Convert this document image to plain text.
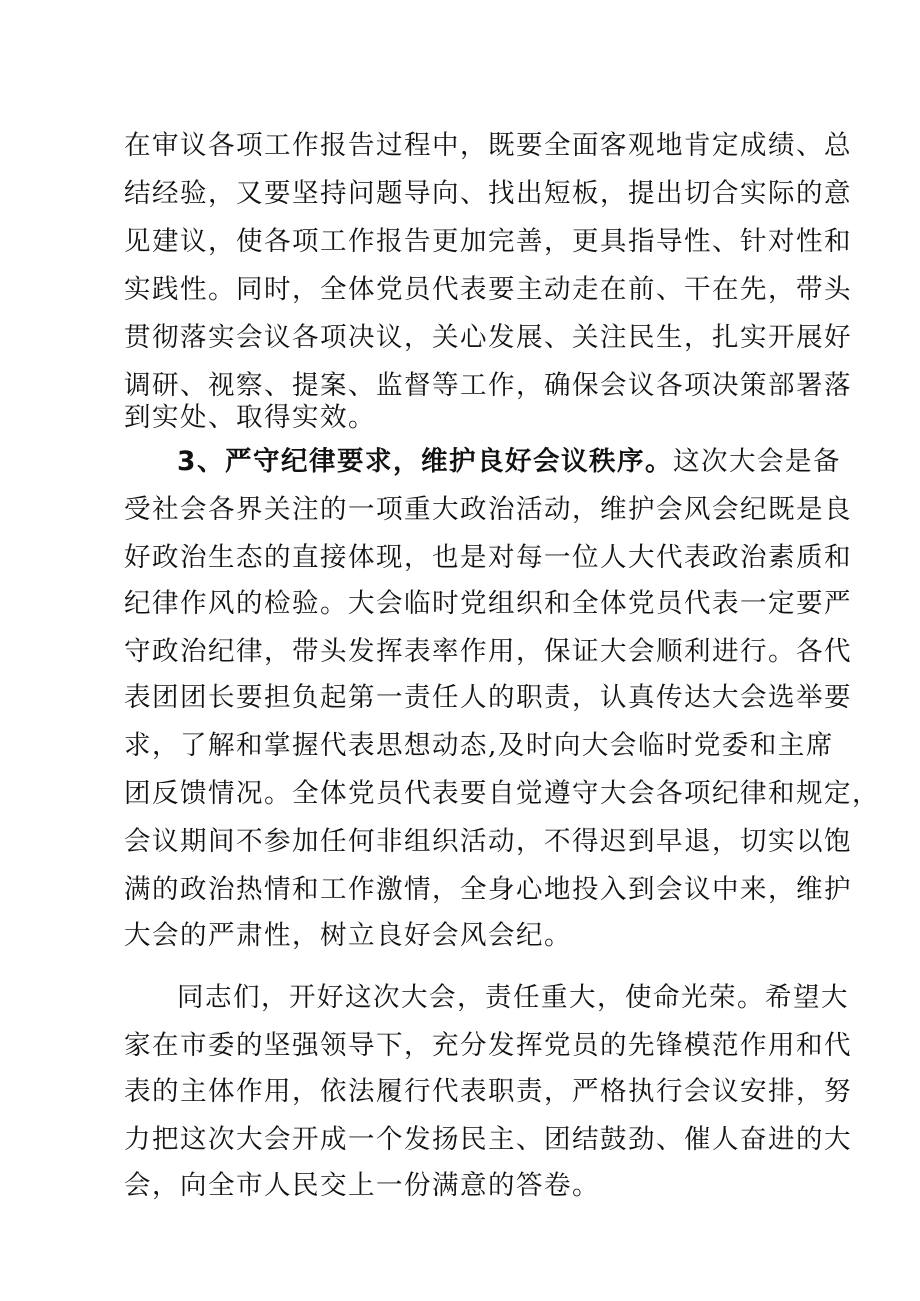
在审议各项工作报告过程中，既要全面客观地肯定成绩、总
结经验，又要坚持问题导向、找出短板，提出切合实际的意
见建议，使各项工作报告更加完善，更具指导性、针对性和
实践性。同时，全体党员代表要主动走在前、干在先，带头
贯彻落实会议各项决议，关心发展、关注民生，扎实开展好
调研、视察、提案、监督等工作，确保会议各项决策部署落
到实处、取得实效。
3、严守纪律要求，维护良好会议秩序。这次大会是备
受社会各界关注的一项重大政治活动，维护会风会纪既是良
好政治生态的直接体现，也是对每一位人大代表政治素质和
纪律作风的检验。大会临时党组织和全体党员代表一定要严
守政治纪律，带头发挥表率作用，保证大会顺利进行。各代
表团团长要担负起第一责任人的职责，认真传达大会选举要
求，了解和掌握代表思想动态,及时向大会临时党委和主席
团反馈情况。全体党员代表要自觉遵守大会各项纪律和规定，
会议期间不参加任何非组织活动，不得迟到早退，切实以饱
满的政治热情和工作激情，全身心地投入到会议中来，维护
大会的严肃性，树立良好会风会纪。
同志们，开好这次大会，责任重大，使命光荣。希望大
家在市委的坚强领导下，充分发挥党员的先锋模范作用和代
表的主体作用，依法履行代表职责，严格执行会议安排，努
力把这次大会开成一个发扬民主、团结鼓劲、催人奋进的大
会，向全市人民交上一份满意的答卷。
